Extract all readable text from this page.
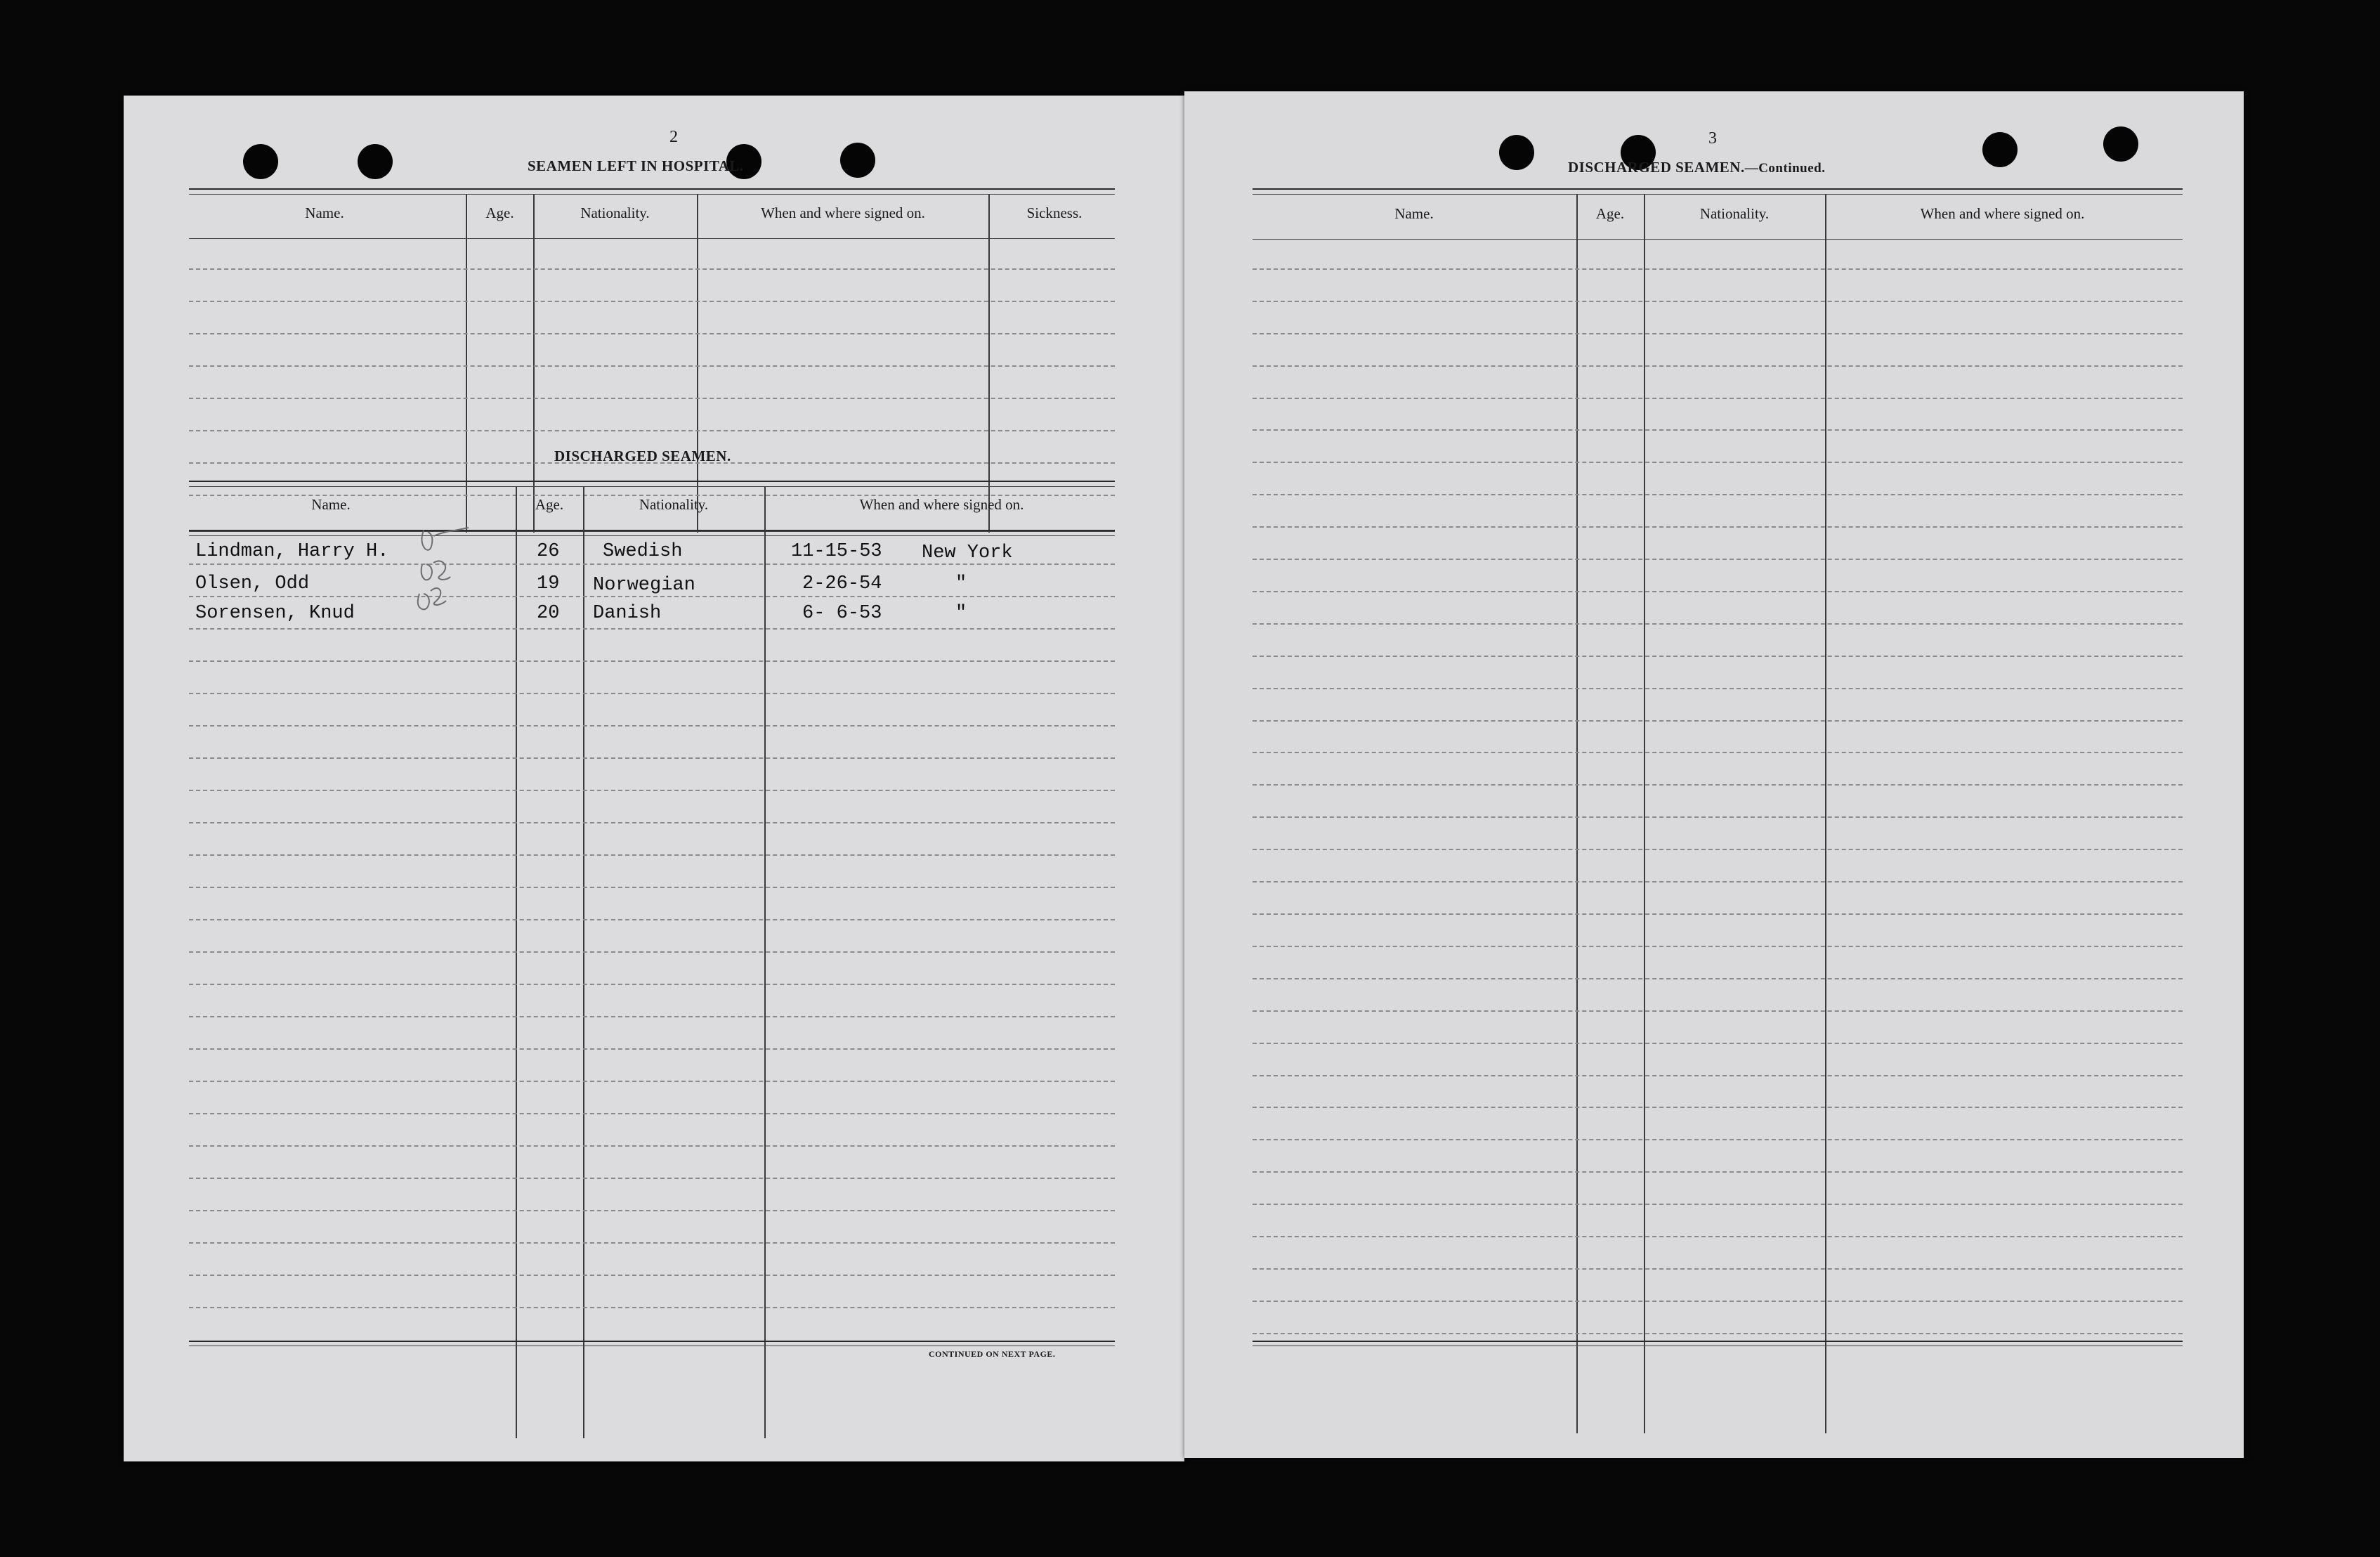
2
SEAMEN LEFT IN HOSPITAL.
Name.	Age.	Nationality.	When and where signed on.	Sickness.
DISCHARGED SEAMEN.
Name.	Age.	Nationality.	When and where signed on.
Lindman, Harry H.	26 Swedish	11-15-53 New York
Olsen, Odd	19 Norwegian	2-26-54	"
Sorensen, Knud	20 Danish	6- 6-53	"
CONTINUED ON NEXT PAGE.
3
DISCHARGED SEAMEN.—Continued.
Name.	Age.	Nationality.	When and where signed on.
